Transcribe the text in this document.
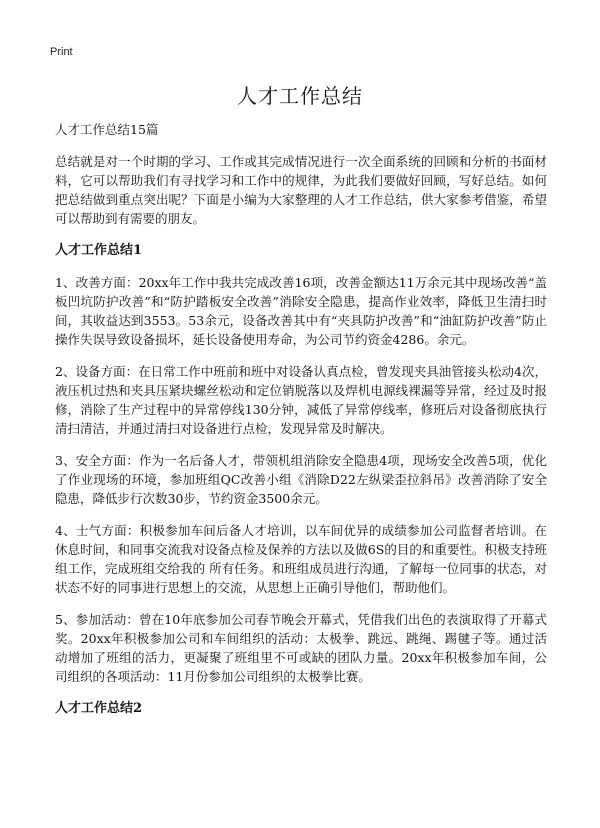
Print
人才工作总结

人才工作总结15篇

总结就是对一个时期的学习、工作或其完成情况进行一次全面系统的回顾和分析的书面材料，它可以帮助我们有寻找学习和工作中的规律，为此我们要做好回顾，写好总结。如何把总结做到重点突出呢？下面是小编为大家整理的人才工作总结，供大家参考借鉴，希望可以帮助到有需要的朋友。

人才工作总结1

1、改善方面：20xx年工作中我共完成改善16项，改善金额达11万余元其中现场改善“盖板凹坑防护改善”和“防护踏板安全改善”消除安全隐患，提高作业效率，降低卫生清扫时间，其收益达到3553。53余元，设备改善其中有“夹具防护改善”和“油缸防护改善”防止操作失误导致设备损坏，延长设备使用寿命，为公司节约资金4286。余元。

2、设备方面：在日常工作中班前和班中对设备认真点检，曾发现夹具油管接头松动4次，液压机过热和夹具压紧块螺丝松动和定位销脱落以及焊机电源线裸漏等异常，经过及时报修，消除了生产过程中的异常停线130分钟，减低了异常停线率，修班后对设备彻底执行清扫清洁，并通过清扫对设备进行点检，发现异常及时解决。

3、安全方面：作为一名后备人才，带领机组消除安全隐患4项，现场安全改善5项，优化了作业现场的环境，参加班组QC改善小组《消除D22左纵梁歪拉斜吊》改善消除了安全隐患，降低步行次数30步，节约资金3500余元。

4、士气方面：积极参加车间后备人才培训，以车间优异的成绩参加公司监督者培训。在休息时间，和同事交流我对设备点检及保养的方法以及做6S的目的和重要性。积极支持班组工作，完成班组交给我的 所有任务。和班组成员进行沟通，了解每一位同事的状态，对状态不好的同事进行思想上的交流，从思想上正确引导他们，帮助他们。

5、参加活动：曾在10年底参加公司春节晚会开幕式，凭借我们出色的表演取得了开幕式奖。20xx年积极参加公司和车间组织的活动：太极拳、跳远、跳绳、踢毽子等。通过活动增加了班组的活力，更凝聚了班组里不可或缺的团队力量。20xx年积极参加车间，公司组织的各项活动：11月份参加公司组织的太极拳比赛。

人才工作总结2
